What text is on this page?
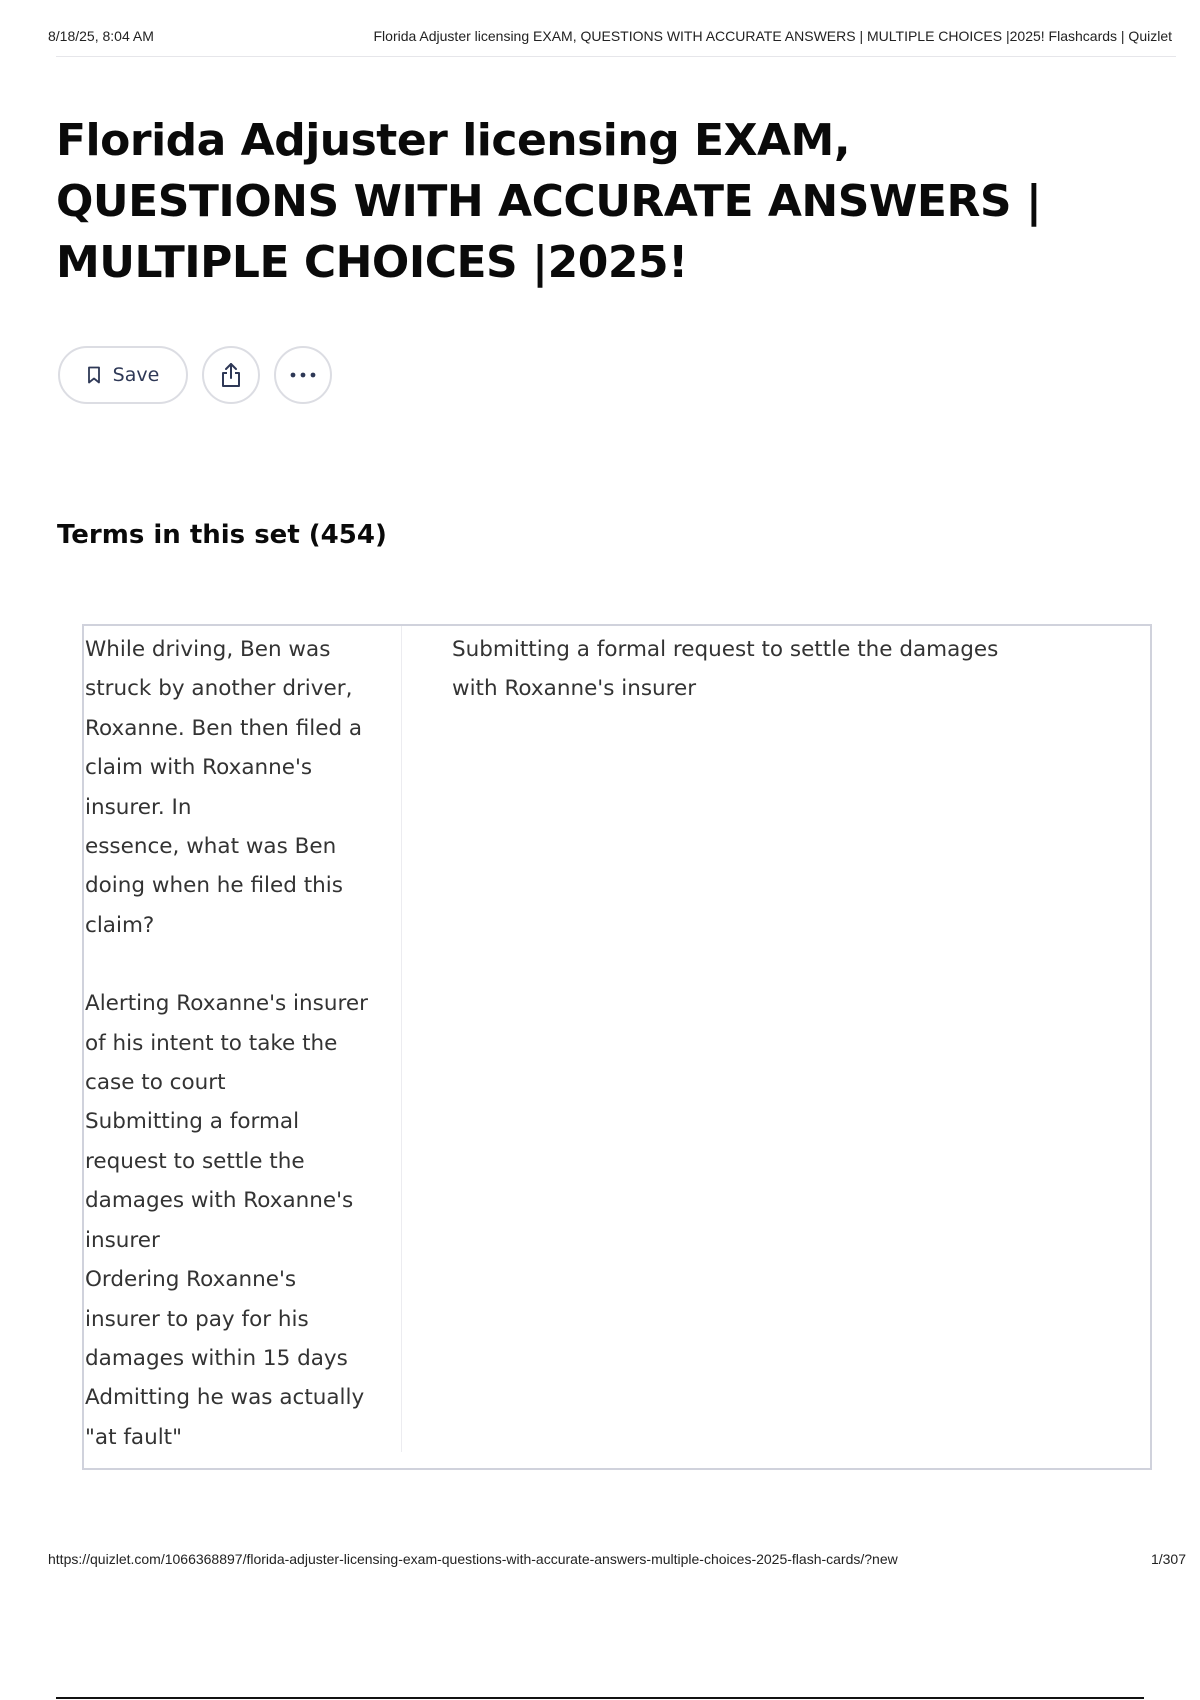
8/18/25, 8:04 AM	Florida Adjuster licensing EXAM, QUESTIONS WITH ACCURATE ANSWERS | MULTIPLE CHOICES |2025! Flashcards | Quizlet
Florida Adjuster licensing EXAM, QUESTIONS WITH ACCURATE ANSWERS | MULTIPLE CHOICES |2025!
Save
Terms in this set (454)

While driving, Ben was
struck by another driver,
Roxanne. Ben then filed a
claim with Roxanne's
insurer. In
essence, what was Ben
doing when he filed this
claim?

Alerting Roxanne's insurer
of his intent to take the
case to court
Submitting a formal
request to settle the
damages with Roxanne's
insurer
Ordering Roxanne's
insurer to pay for his
damages within 15 days
Admitting he was actually
"at fault"

Submitting a formal request to settle the damages with Roxanne's insurer
https://quizlet.com/1066368897/florida-adjuster-licensing-exam-questions-with-accurate-answers-multiple-choices-2025-flash-cards/?new	1/307
